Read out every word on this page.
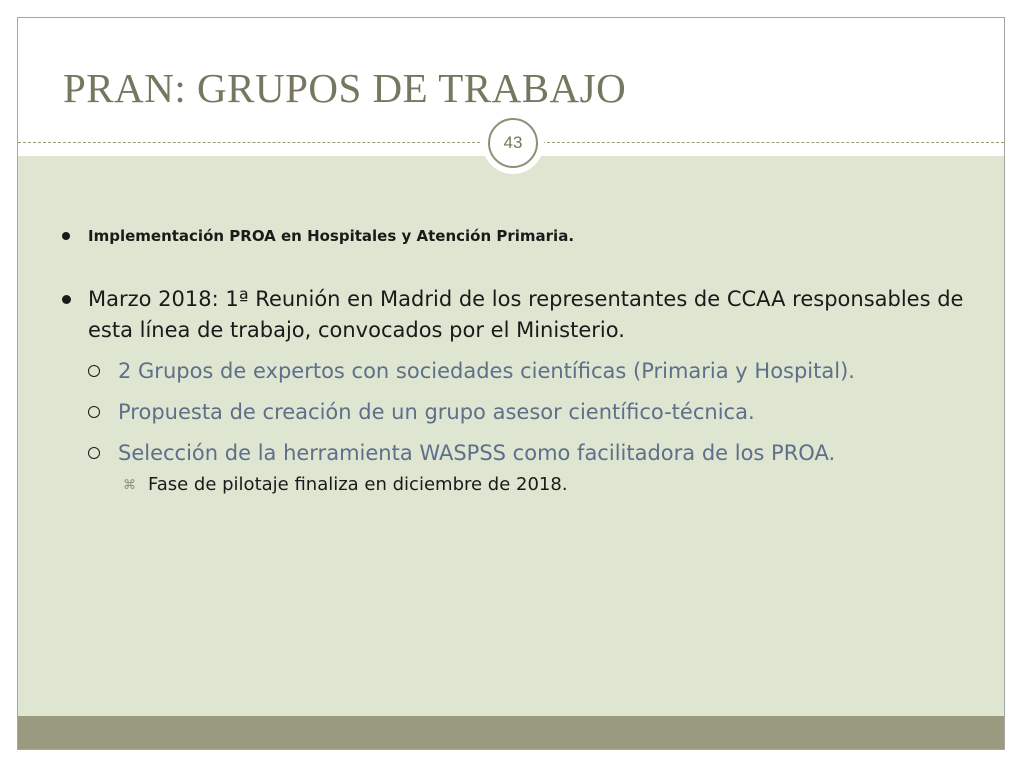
PRAN: GRUPOS DE TRABAJO
43
Implementación PROA en Hospitales y Atención Primaria.
Marzo 2018: 1ª Reunión en Madrid de los representantes de CCAA responsables de esta línea de trabajo, convocados por el Ministerio.
2 Grupos de expertos con sociedades científicas (Primaria y Hospital).
Propuesta de creación de un grupo asesor científico-técnica.
Selección de la herramienta WASPSS como facilitadora de los PROA.
⌘ Fase de pilotaje finaliza en diciembre de 2018.
